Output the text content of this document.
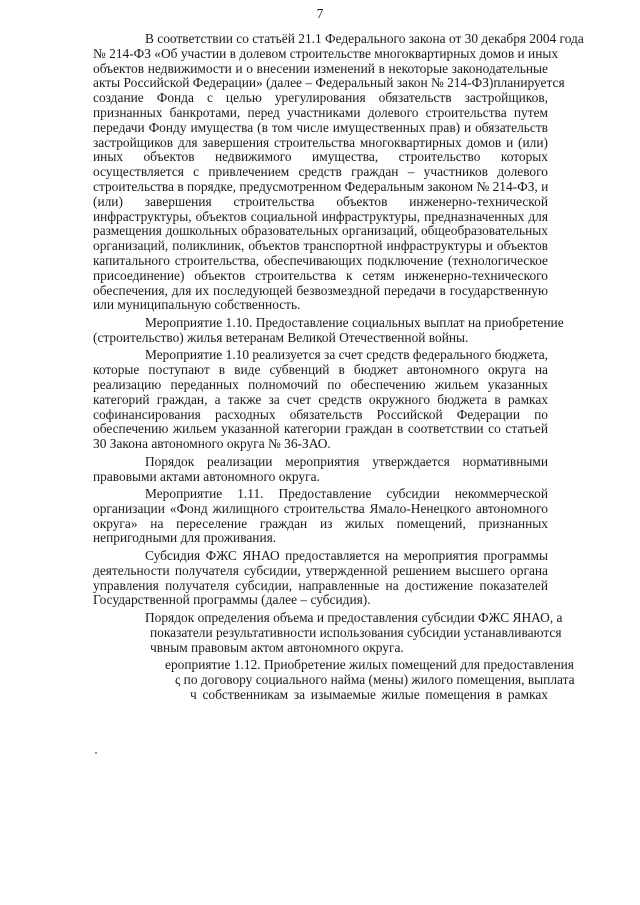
7
В соответствии со статьёй 21.1 Федерального закона от 30 декабря 2004 года
№ 214-ФЗ «Об участии в долевом строительстве многоквартирных домов и иных
объектов недвижимости и о внесении изменений в некоторые законодательные
акты Российской Федерации» (далее – Федеральный закон № 214-ФЗ)планируется
создание Фонда с целью урегулирования обязательств застройщиков,
признанных банкротами, перед участниками долевого строительства путем
передачи Фонду имущества (в том числе имущественных прав) и обязательств
застройщиков для завершения строительства многоквартирных домов и (или)
иных объектов недвижимого имущества, строительство которых
осуществляется с привлечением средств граждан – участников долевого
строительства в порядке, предусмотренном Федеральным законом № 214-ФЗ, и
(или) завершения строительства объектов инженерно-технической
инфраструктуры, объектов социальной инфраструктуры, предназначенных для
размещения дошкольных образовательных организаций, общеобразовательных
организаций, поликлиник, объектов транспортной инфраструктуры и объектов
капитального строительства, обеспечивающих подключение (технологическое
присоединение) объектов строительства к сетям инженерно-технического
обеспечения, для их последующей безвозмездной передачи в государственную
или муниципальную собственность.
Мероприятие 1.10. Предоставление социальных выплат на приобретение
(строительство) жилья ветеранам Великой Отечественной войны.
Мероприятие 1.10 реализуется за счет средств федерального бюджета,
которые поступают в виде субвенций в бюджет автономного округа на
реализацию переданных полномочий по обеспечению жильем указанных
категорий граждан, а также за счет средств окружного бюджета в рамках
софинансирования расходных обязательств Российской Федерации по
обеспечению жильем указанной категории граждан в соответствии со статьей
30 Закона автономного округа № 36-ЗАО.
Порядок реализации мероприятия утверждается нормативными
правовыми актами автономного округа.
Мероприятие 1.11. Предоставление субсидии некоммерческой
организации «Фонд жилищного строительства Ямало-Ненецкого автономного
округа» на переселение граждан из жилых помещений, признанных
непригодными для проживания.
Субсидия ФЖС ЯНАО предоставляется на мероприятия программы
деятельности получателя субсидии, утвержденной решением высшего органа
управления получателя субсидии, направленные на достижение показателей
Государственной программы (далее – субсидия).
Порядок определения объема и предоставления субсидии ФЖС ЯНАО, а
показатели результативности использования субсидии устанавливаются
чвным правовым актом автономного округа.
ероприятие 1.12. Приобретение жилых помещений для предоставления
ς по договору социального найма (мены) жилого помещения, выплата
ч собственникам за изымаемые жилые помещения в рамках
